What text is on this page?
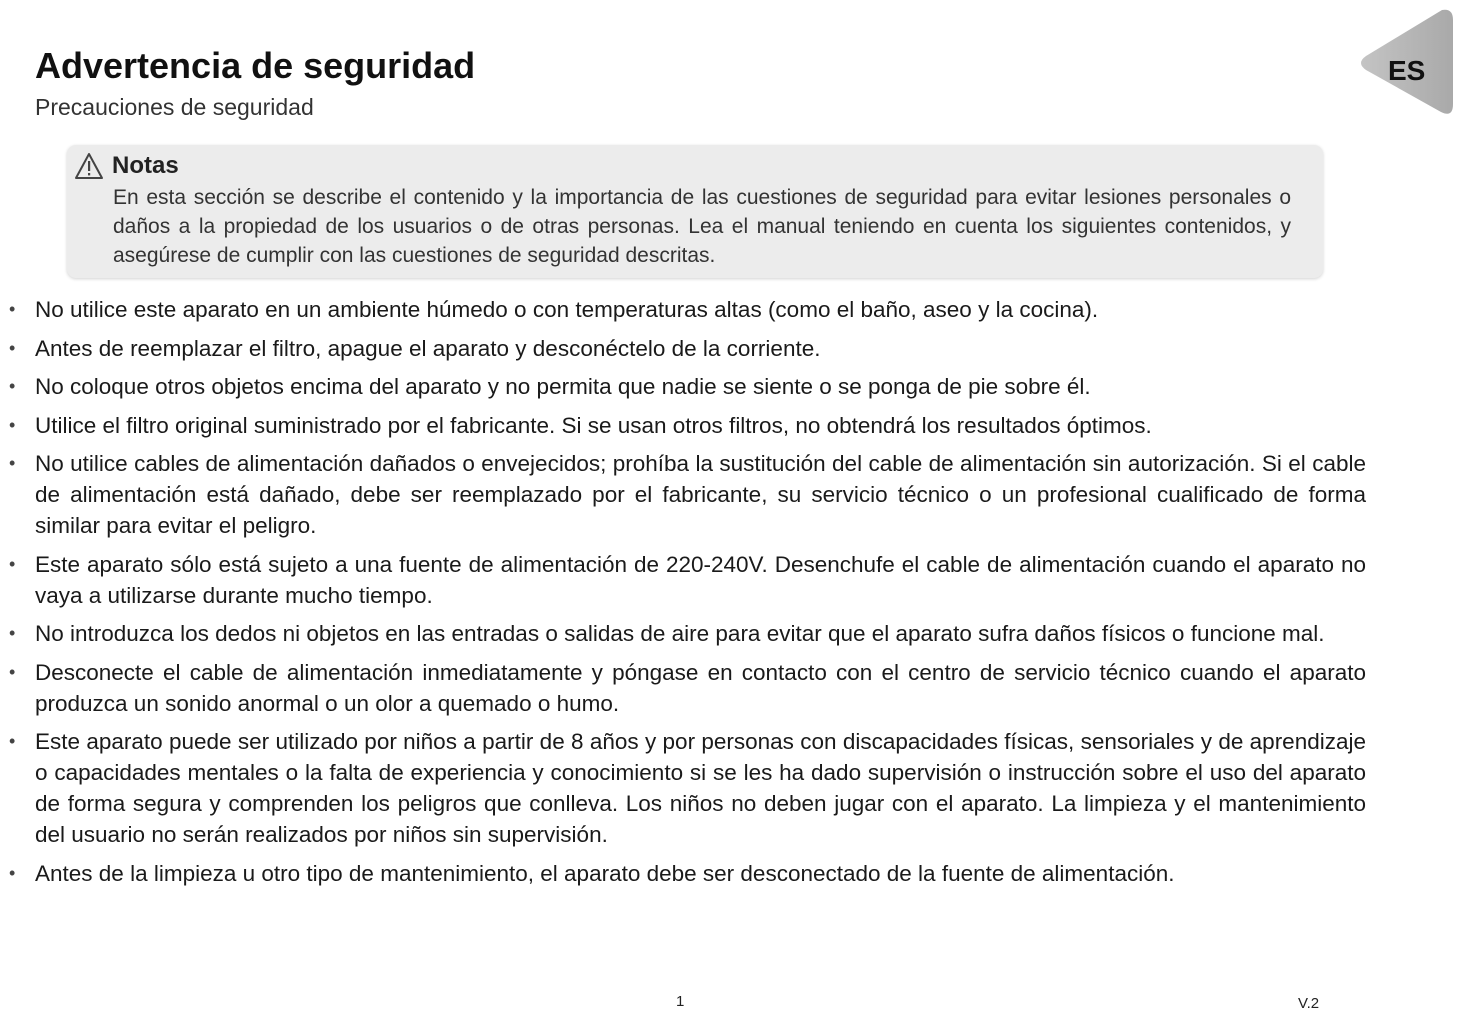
Advertencia de seguridad
Precauciones de seguridad
ES
Notas
En esta sección se describe el contenido y la importancia de las cuestiones de seguridad para evitar lesiones personales o daños a la propiedad de los usuarios o de otras personas. Lea el manual teniendo en cuenta los siguientes contenidos, y asegúrese de cumplir con las cuestiones de seguridad descritas.
• No utilice este aparato en un ambiente húmedo o con temperaturas altas (como el baño, aseo y la cocina).
• Antes de reemplazar el filtro, apague el aparato y desconéctelo de la corriente.
• No coloque otros objetos encima del aparato y no permita que nadie se siente o se ponga de pie sobre él.
• Utilice el filtro original suministrado por el fabricante. Si se usan otros filtros, no obtendrá los resultados óptimos.
• No utilice cables de alimentación dañados o envejecidos; prohíba la sustitución del cable de alimentación sin autorización. Si el cable de alimentación está dañado, debe ser reemplazado por el fabricante, su servicio técnico o un profesional cualificado de forma similar para evitar el peligro.
• Este aparato sólo está sujeto a una fuente de alimentación de 220-240V. Desenchufe el cable de alimentación cuando el aparato no vaya a utilizarse durante mucho tiempo.
• No introduzca los dedos ni objetos en las entradas o salidas de aire para evitar que el aparato sufra daños físicos o funcione mal.
• Desconecte el cable de alimentación inmediatamente y póngase en contacto con el centro de servicio técnico cuando el aparato produzca un sonido anormal o un olor a quemado o humo.
• Este aparato puede ser utilizado por niños a partir de 8 años y por personas con discapacidades físicas, sensoriales y de aprendizaje o capacidades mentales o la falta de experiencia y conocimiento si se les ha dado supervisión o instrucción sobre el uso del aparato de forma segura y comprenden los peligros que conlleva. Los niños no deben jugar con el aparato. La limpieza y el mantenimiento del usuario no serán realizados por niños sin supervisión.
• Antes de la limpieza u otro tipo de mantenimiento, el aparato debe ser desconectado de la fuente de alimentación.
1	V.2
